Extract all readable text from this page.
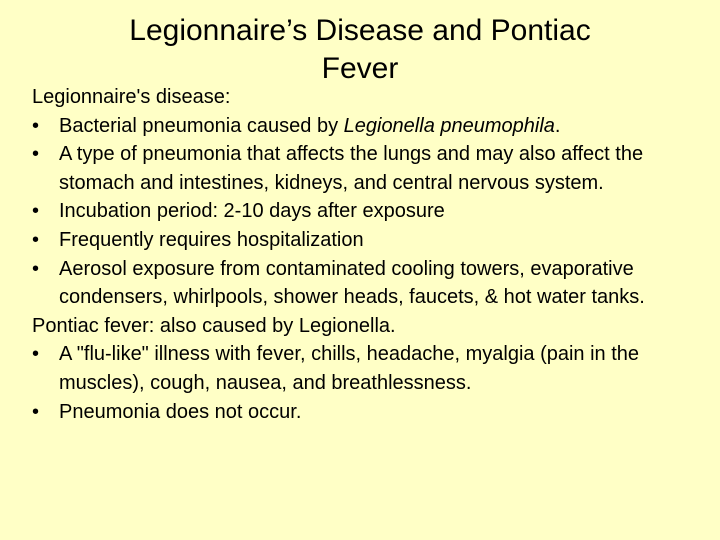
Legionnaire’s Disease and Pontiac
Fever

Legionnaire's disease:

• Bacterial pneumonia caused by Legionella pneumophila.
• A type of pneumonia that affects the lungs and may also affect the stomach and intestines, kidneys, and central nervous system.
• Incubation period: 2-10 days after exposure
• Frequently requires hospitalization
• Aerosol exposure from contaminated cooling towers, evaporative condensers, whirlpools, shower heads, faucets, & hot water tanks.

Pontiac fever: also caused by Legionella.

• A "flu-like" illness with fever, chills, headache, myalgia (pain in the muscles), cough, nausea, and breathlessness.
• Pneumonia does not occur.
